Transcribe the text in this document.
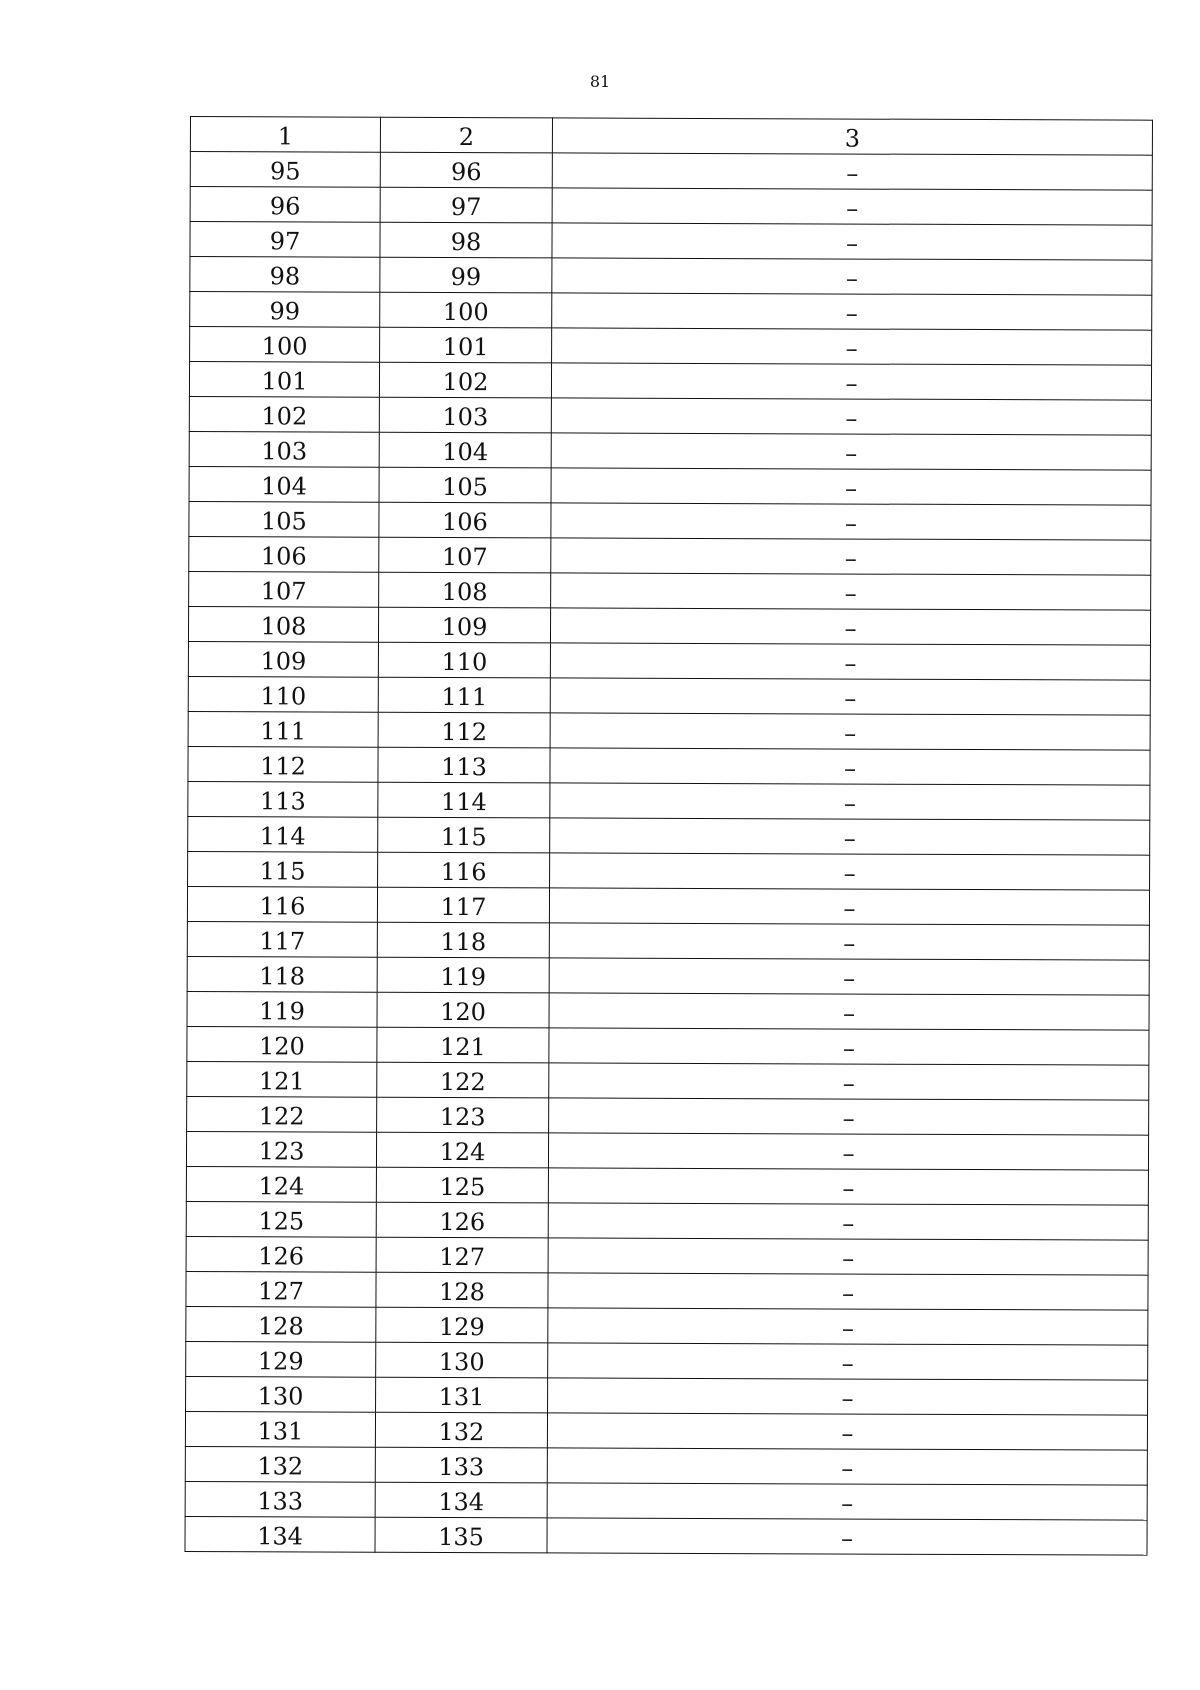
81
1	2	3
95	96	–
96	97	–
97	98	–
98	99	–
99	100	–
100	101	–
101	102	–
102	103	–
103	104	–
104	105	–
105	106	–
106	107	–
107	108	–
108	109	–
109	110	–
110	111	–
111	112	–
112	113	–
113	114	–
114	115	–
115	116	–
116	117	–
117	118	–
118	119	–
119	120	–
120	121	–
121	122	–
122	123	–
123	124	–
124	125	–
125	126	–
126	127	–
127	128	–
128	129	–
129	130	–
130	131	–
131	132	–
132	133	–
133	134	–
134	135	–
